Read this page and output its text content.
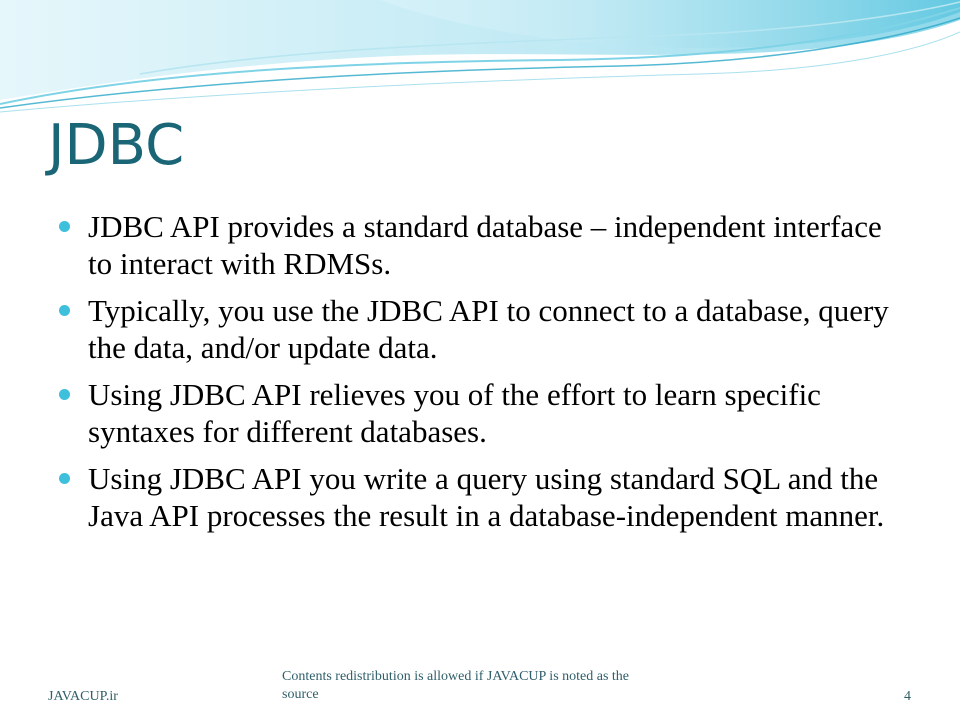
JDBC
JDBC API provides a standard database – independent interface to interact with RDMSs.
Typically, you use the JDBC API to connect to a database, query the data, and/or update data.
Using JDBC API relieves you of the effort to learn specific syntaxes for different databases.
Using JDBC API you write a query using standard SQL and the Java API processes the result in a database-independent manner.
JAVACUP.ir
Contents redistribution is allowed if JAVACUP is noted as the source	4
